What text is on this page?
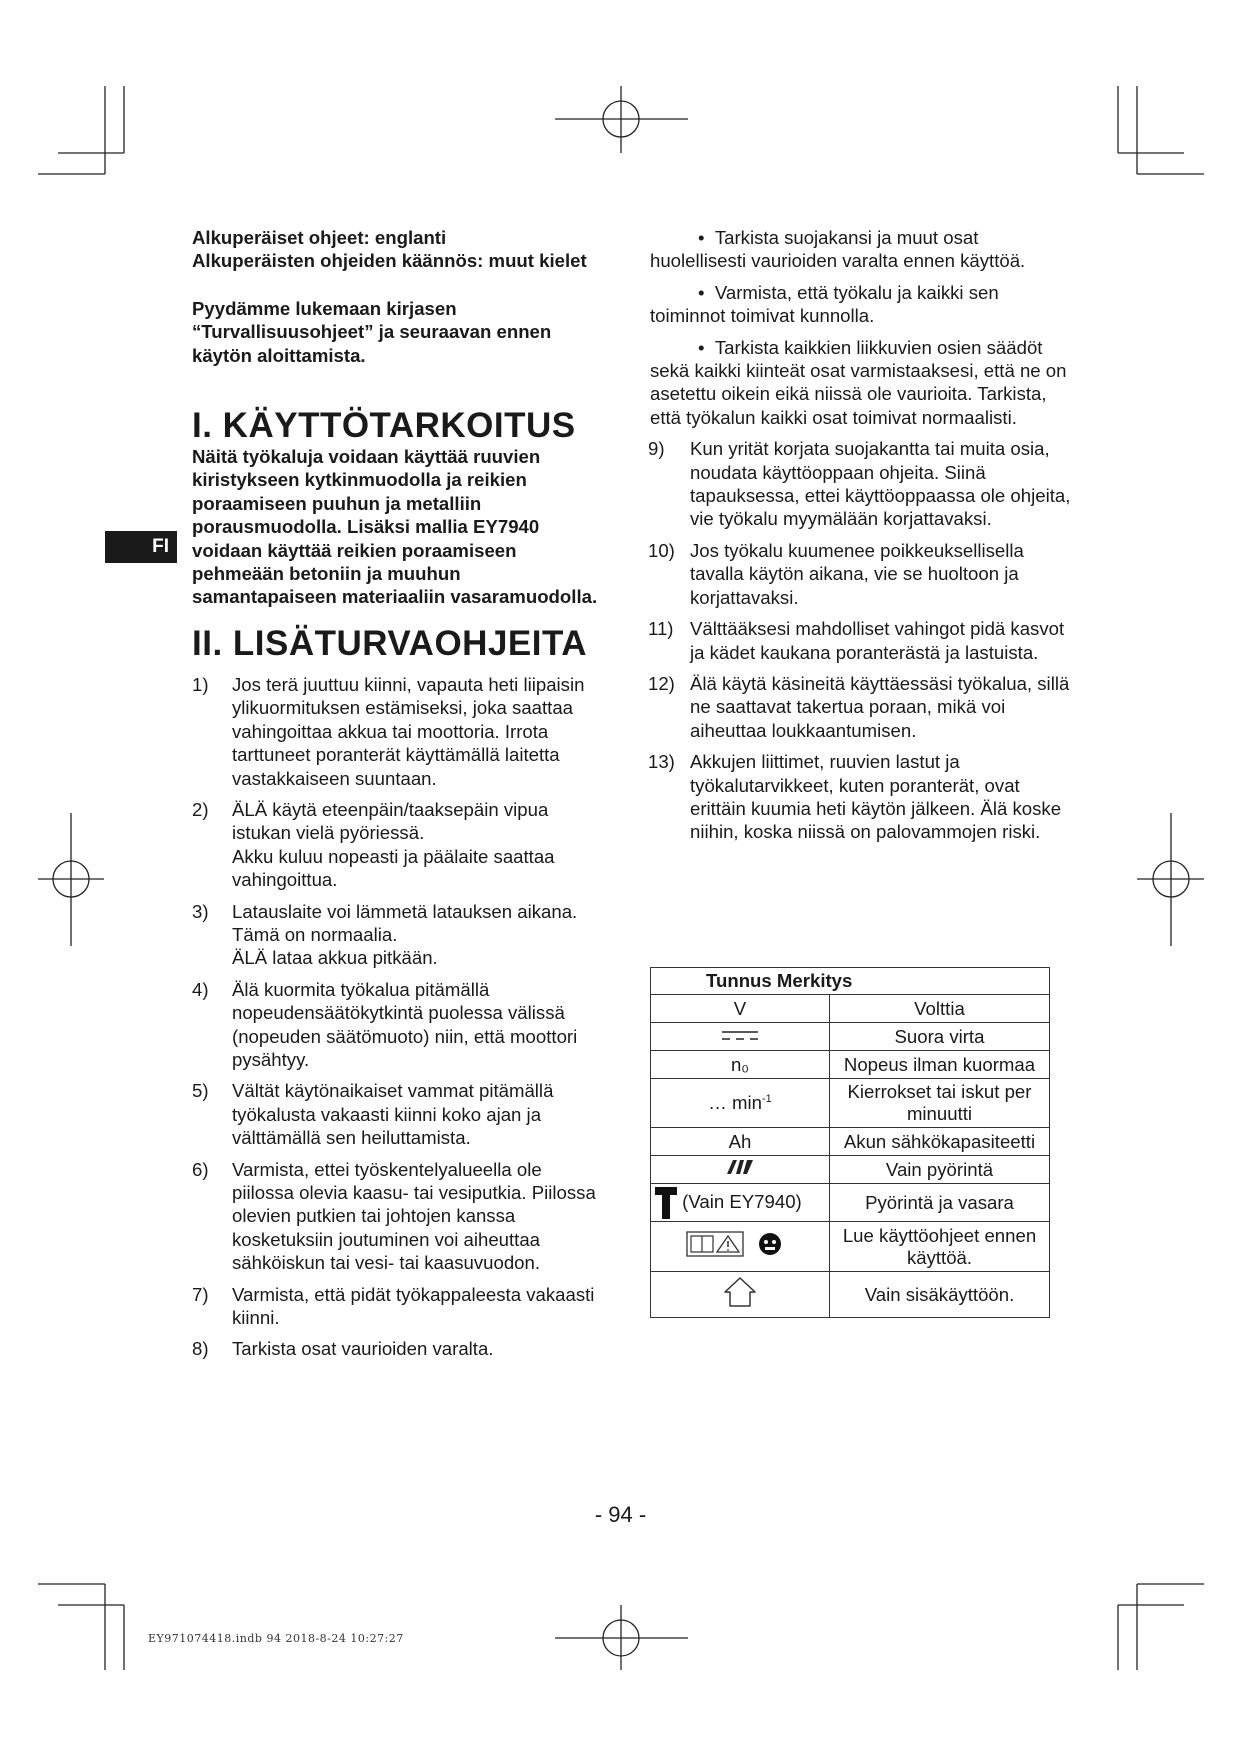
FI
Alkuperäiset ohjeet: englanti
Alkuperäisten ohjeiden käännös: muut kielet
Pyydämme lukemaan kirjasen “Turvallisuusohjeet” ja seuraavan ennen käytön aloittamista.
I. KÄYTTÖTARKOITUS
Näitä työkaluja voidaan käyttää ruuvien kiristykseen kytkinmuodolla ja reikien poraamiseen puuhun ja metalliin porausmuodolla. Lisäksi mallia EY7940 voidaan käyttää reikien poraamiseen pehmeään betoniin ja muuhun samantapaiseen materiaaliin vasaramuodolla.
II. LISÄTURVAOHJEITA
1) Jos terä juuttuu kiinni, vapauta heti liipaisin ylikuormituksen estämiseksi, joka saattaa vahingoittaa akkua tai moottoria. Irrota tarttuneet poranterät käyttämällä laitetta vastakkaiseen suuntaan.
2) ÄLÄ käytä eteenpäin/taaksepäin vipua istukan vielä pyöriessä.
Akku kuluu nopeasti ja päälaite saattaa vahingoittua.
3) Latauslaite voi lämmetä latauksen aikana. Tämä on normaalia.
ÄLÄ lataa akkua pitkään.
4) Älä kuormita työkalua pitämällä nopeudensäätökytkintä puolessa välissä (nopeuden säätömuoto) niin, että moottori pysähtyy.
5) Vältät käytönaikaiset vammat pitämällä työkalusta vakaasti kiinni koko ajan ja välttämällä sen heiluttamista.
6) Varmista, ettei työskentelyalueella ole piilossa olevia kaasu- tai vesiputkia. Piilossa olevien putkien tai johtojen kanssa kosketuksiin joutuminen voi aiheuttaa sähköiskun tai vesi- tai kaasuvuodon.
7) Varmista, että pidät työkappaleesta vakaasti kiinni.
8) Tarkista osat vaurioiden varalta.
•  Tarkista suojakansi ja muut osat huolellisesti vaurioiden varalta ennen käyttöä.
•  Varmista, että työkalu ja kaikki sen toiminnot toimivat kunnolla.
•  Tarkista kaikkien liikkuvien osien säädöt sekä kaikki kiinteät osat varmistaaksesi, että ne on asetettu oikein eikä niissä ole vaurioita. Tarkista, että työkalun kaikki osat toimivat normaalisti.
9) Kun yrität korjata suojakantta tai muita osia, noudata käyttöoppaan ohjeita. Siinä tapauksessa, ettei käyttöoppaassa ole ohjeita, vie työkalu myymälään korjattavaksi.
10) Jos työkalu kuumenee poikkeuksellisella tavalla käytön aikana, vie se huoltoon ja korjattavaksi.
11) Välttääksesi mahdolliset vahingot pidä kasvot ja kädet kaukana poranterästä ja lastuista.
12) Älä käytä käsineitä käyttäessäsi työkalua, sillä ne saattavat takertua poraan, mikä voi aiheuttaa loukkaantumisen.
13) Akkujen liittimet, ruuvien lastut ja työkalutarvikkeet, kuten poranterät, ovat erittäin kuumia heti käytön jälkeen. Älä koske niihin, koska niissä on palovammojen riski.
Tunnus Merkitys	
V	Volttia
	Suora virta
n₀	Nopeus ilman kuormaa
… $\min^{-1}$	Kierrokset tai iskut per minuutti
Ah	Akun sähkökapasiteetti
	Vain pyörintä
(Vain EY7940)	Pyörintä ja vasara
	Lue käyttöohjeet ennen käyttöä.
	Vain sisäkäyttöön.
- 94 -
EY971074418.indb 94 2018-8-24 10:27:27
